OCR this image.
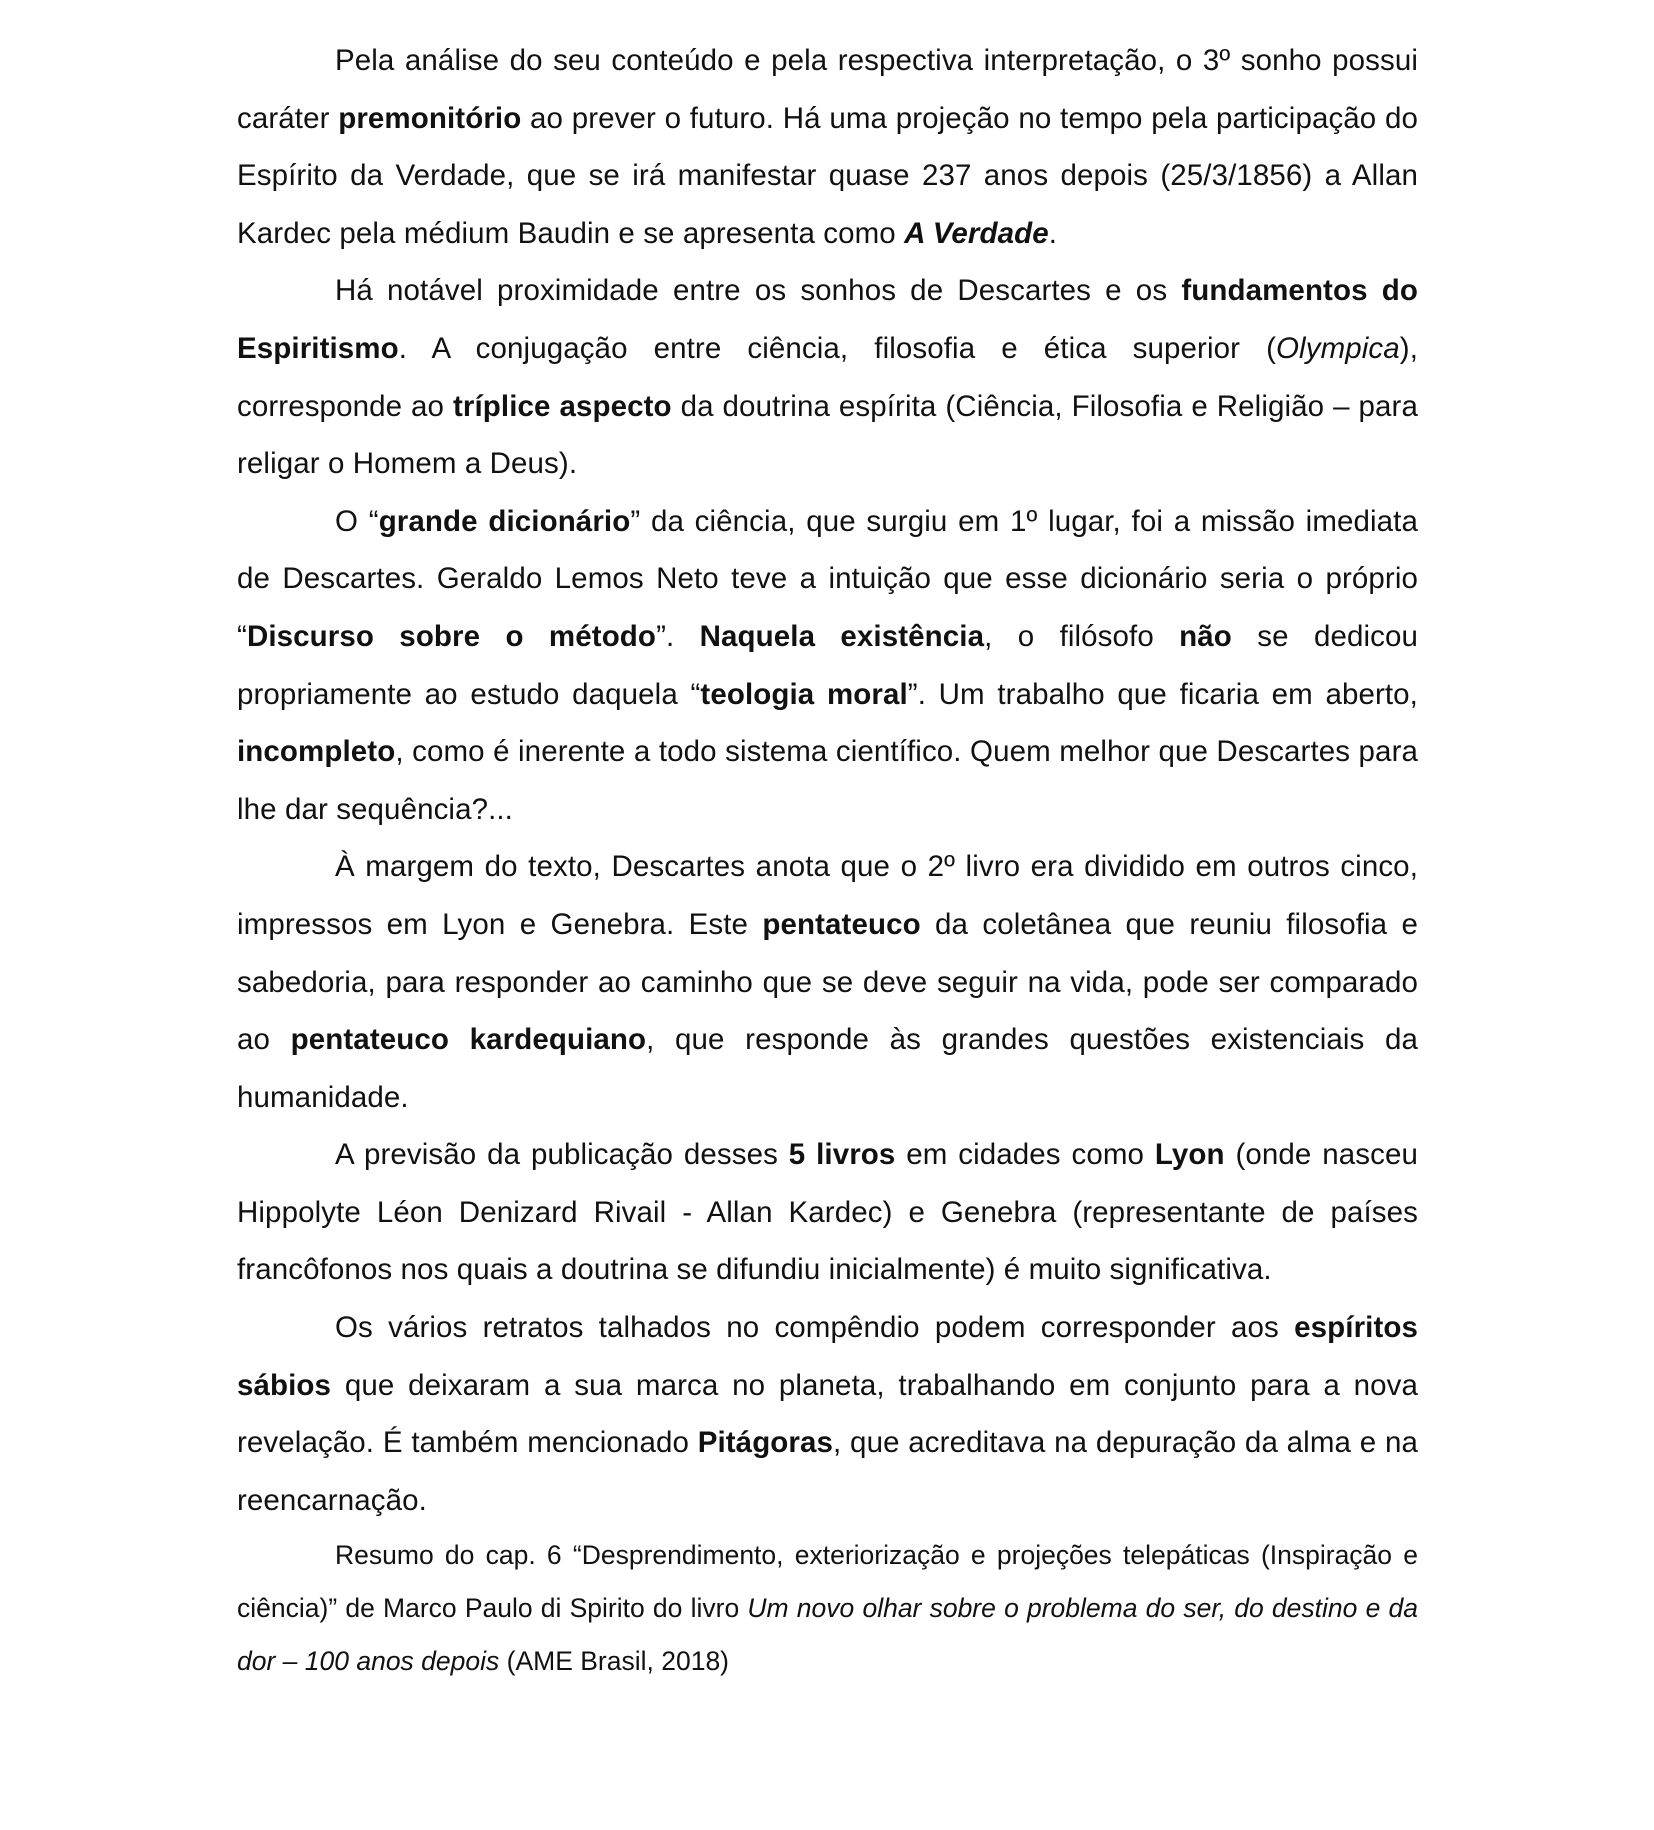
Pela análise do seu conteúdo e pela respectiva interpretação, o 3º sonho possui caráter premonitório ao prever o futuro. Há uma projeção no tempo pela participação do Espírito da Verdade, que se irá manifestar quase 237 anos depois (25/3/1856) a Allan Kardec pela médium Baudin e se apresenta como A Verdade.

Há notável proximidade entre os sonhos de Descartes e os fundamentos do Espiritismo. A conjugação entre ciência, filosofia e ética superior (Olympica), corresponde ao tríplice aspecto da doutrina espírita (Ciência, Filosofia e Religião – para religar o Homem a Deus).

O “grande dicionário” da ciência, que surgiu em 1º lugar, foi a missão imediata de Descartes. Geraldo Lemos Neto teve a intuição que esse dicionário seria o próprio “Discurso sobre o método”. Naquela existência, o filósofo não se dedicou propriamente ao estudo daquela “teologia moral”. Um trabalho que ficaria em aberto, incompleto, como é inerente a todo sistema científico. Quem melhor que Descartes para lhe dar sequência?...

À margem do texto, Descartes anota que o 2º livro era dividido em outros cinco, impressos em Lyon e Genebra. Este pentateuco da coletânea que reuniu filosofia e sabedoria, para responder ao caminho que se deve seguir na vida, pode ser comparado ao pentateuco kardequiano, que responde às grandes questões existenciais da humanidade.

A previsão da publicação desses 5 livros em cidades como Lyon (onde nasceu Hippolyte Léon Denizard Rivail - Allan Kardec) e Genebra (representante de países francôfonos nos quais a doutrina se difundiu inicialmente) é muito significativa.

Os vários retratos talhados no compêndio podem corresponder aos espíritos sábios que deixaram a sua marca no planeta, trabalhando em conjunto para a nova revelação. É também mencionado Pitágoras, que acreditava na depuração da alma e na reencarnação.

Resumo do cap. 6 “Desprendimento, exteriorização e projeções telepáticas (Inspiração e ciência)” de Marco Paulo di Spirito do livro Um novo olhar sobre o problema do ser, do destino e da dor – 100 anos depois (AME Brasil, 2018)
